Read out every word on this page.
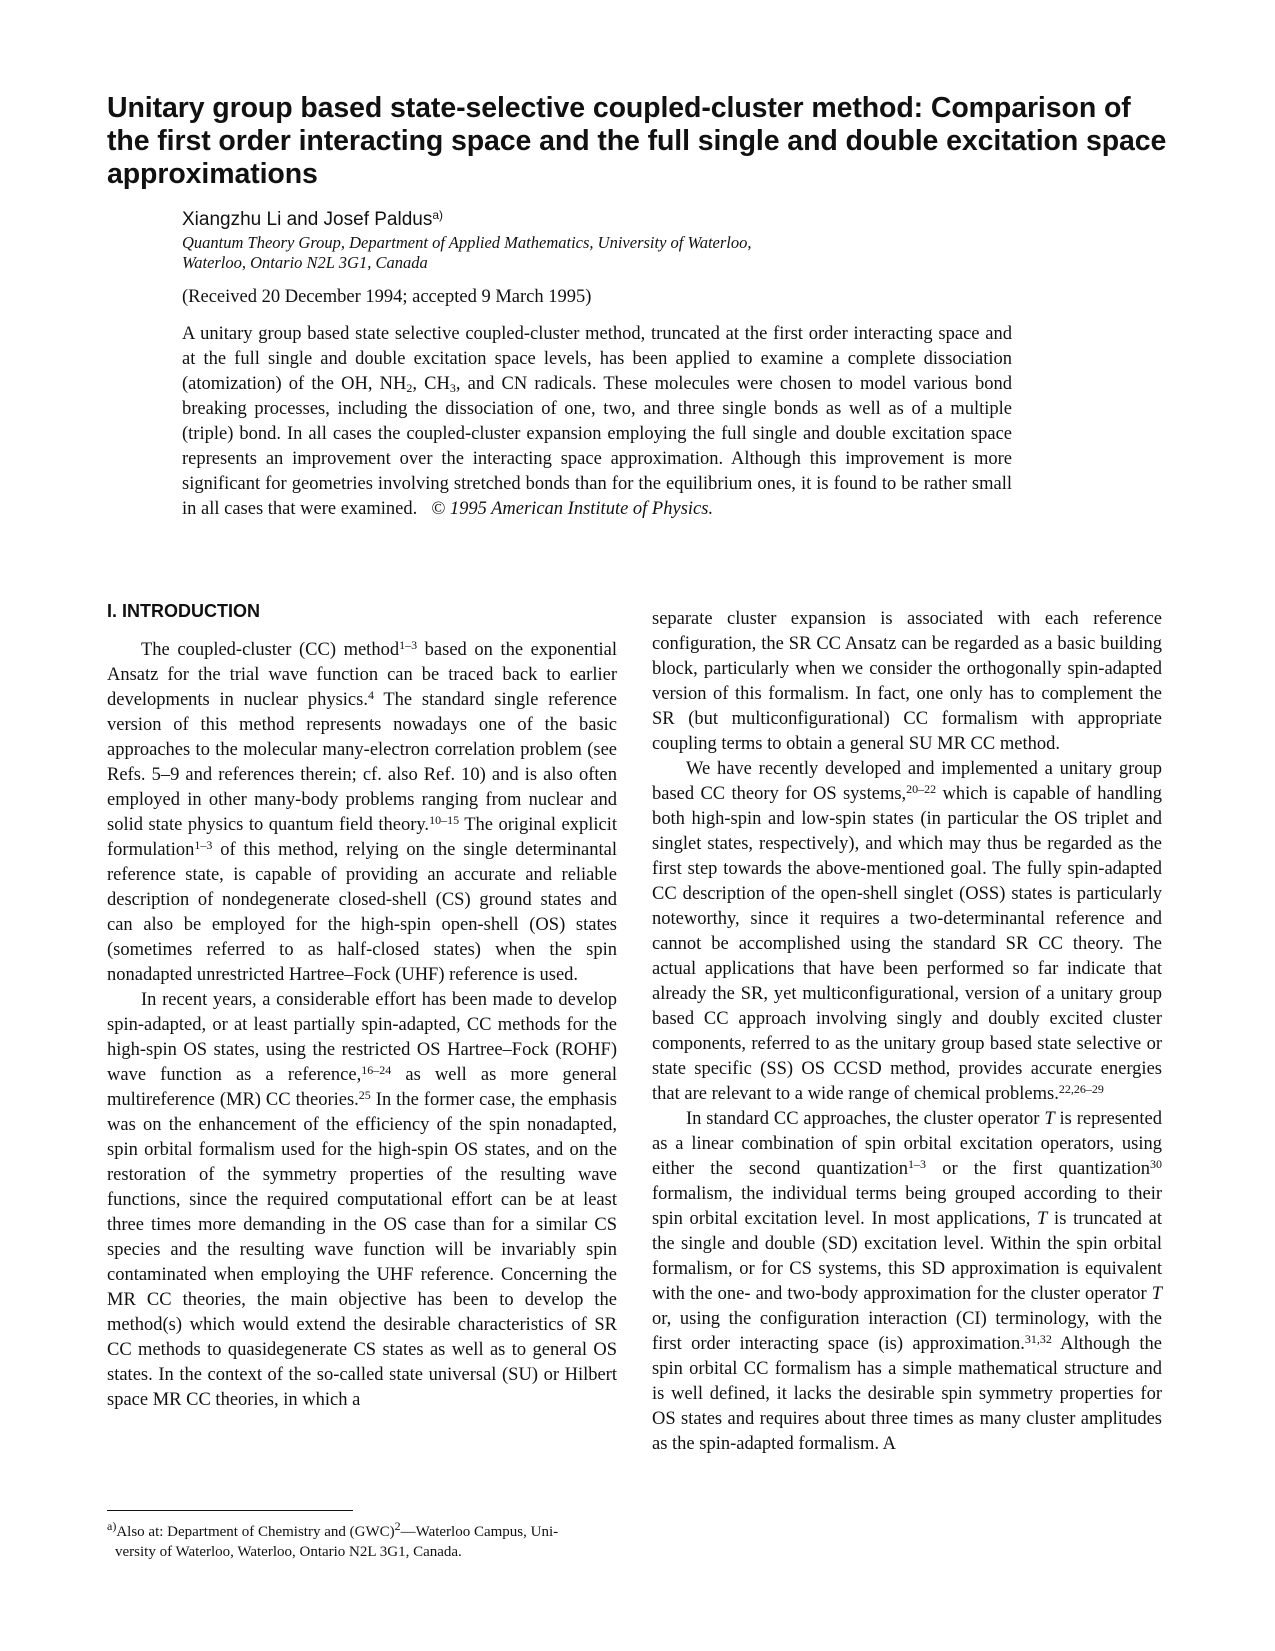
Unitary group based state-selective coupled-cluster method: Comparison of the first order interacting space and the full single and double excitation space approximations

Xiangzhu Li and Josef Paldus$^{a)}$

Quantum Theory Group, Department of Applied Mathematics, University of Waterloo,
Waterloo, Ontario N2L 3G1, Canada

(Received 20 December 1994; accepted 9 March 1995)

A unitary group based state selective coupled-cluster method, truncated at the first order interacting space and at the full single and double excitation space levels, has been applied to examine a complete dissociation (atomization) of the OH, $NH_2$, $CH_3$, and CN radicals. These molecules were chosen to model various bond breaking processes, including the dissociation of one, two, and three single bonds as well as of a multiple (triple) bond. In all cases the coupled-cluster expansion employing the full single and double excitation space represents an improvement over the interacting space approximation. Although this improvement is more significant for geometries involving stretched bonds than for the equilibrium ones, it is found to be rather small in all cases that were examined. © 1995 American Institute of Physics.

I. INTRODUCTION

The coupled-cluster (CC) method$^{1-3}$ based on the exponential Ansatz for the trial wave function can be traced back to earlier developments in nuclear physics.$^4$ The standard single reference version of this method represents nowadays one of the basic approaches to the molecular many-electron correlation problem (see Refs. 5–9 and references therein; cf. also Ref. 10) and is also often employed in other many-body problems ranging from nuclear and solid state physics to quantum field theory.$^{10-15}$ The original explicit formulation$^{1-3}$ of this method, relying on the single determinantal reference state, is capable of providing an accurate and reliable description of nondegenerate closed-shell (CS) ground states and can also be employed for the high-spin open-shell (OS) states (sometimes referred to as half-closed states) when the spin nonadapted unrestricted Hartree–Fock (UHF) reference is used.

In recent years, a considerable effort has been made to develop spin-adapted, or at least partially spin-adapted, CC methods for the high-spin OS states, using the restricted OS Hartree–Fock (ROHF) wave function as a reference,$^{16-24}$ as well as more general multireference (MR) CC theories.$^{25}$ In the former case, the emphasis was on the enhancement of the efficiency of the spin nonadapted, spin orbital formalism used for the high-spin OS states, and on the restoration of the symmetry properties of the resulting wave functions, since the required computational effort can be at least three times more demanding in the OS case than for a similar CS species and the resulting wave function will be invariably spin contaminated when employing the UHF reference. Concerning the MR CC theories, the main objective has been to develop the method(s) which would extend the desirable characteristics of SR CC methods to quasidegenerate CS states as well as to general OS states. In the context of the so-called state universal (SU) or Hilbert space MR CC theories, in which a

separate cluster expansion is associated with each reference configuration, the SR CC Ansatz can be regarded as a basic building block, particularly when we consider the orthogonally spin-adapted version of this formalism. In fact, one only has to complement the SR (but multiconfigurational) CC formalism with appropriate coupling terms to obtain a general SU MR CC method.

We have recently developed and implemented a unitary group based CC theory for OS systems,$^{20-22}$ which is capable of handling both high-spin and low-spin states (in particular the OS triplet and singlet states, respectively), and which may thus be regarded as the first step towards the above-mentioned goal. The fully spin-adapted CC description of the open-shell singlet (OSS) states is particularly noteworthy, since it requires a two-determinantal reference and cannot be accomplished using the standard SR CC theory. The actual applications that have been performed so far indicate that already the SR, yet multiconfigurational, version of a unitary group based CC approach involving singly and doubly excited cluster components, referred to as the unitary group based state selective or state specific (SS) OS CCSD method, provides accurate energies that are relevant to a wide range of chemical problems.$^{22,26-29}$

In standard CC approaches, the cluster operator T is represented as a linear combination of spin orbital excitation operators, using either the second quantization$^{1-3}$ or the first quantization$^{30}$ formalism, the individual terms being grouped according to their spin orbital excitation level. In most applications, T is truncated at the single and double (SD) excitation level. Within the spin orbital formalism, or for CS systems, this SD approximation is equivalent with the one- and two-body approximation for the cluster operator T or, using the configuration interaction (CI) terminology, with the first order interacting space (is) approximation.$^{31,32}$ Although the spin orbital CC formalism has a simple mathematical structure and is well defined, it lacks the desirable spin symmetry properties for OS states and requires about three times as many cluster amplitudes as the spin-adapted formalism. A

$^{a)}$Also at: Department of Chemistry and (GWC)$^2$—Waterloo Campus, Uni-
versity of Waterloo, Waterloo, Ontario N2L 3G1, Canada.
